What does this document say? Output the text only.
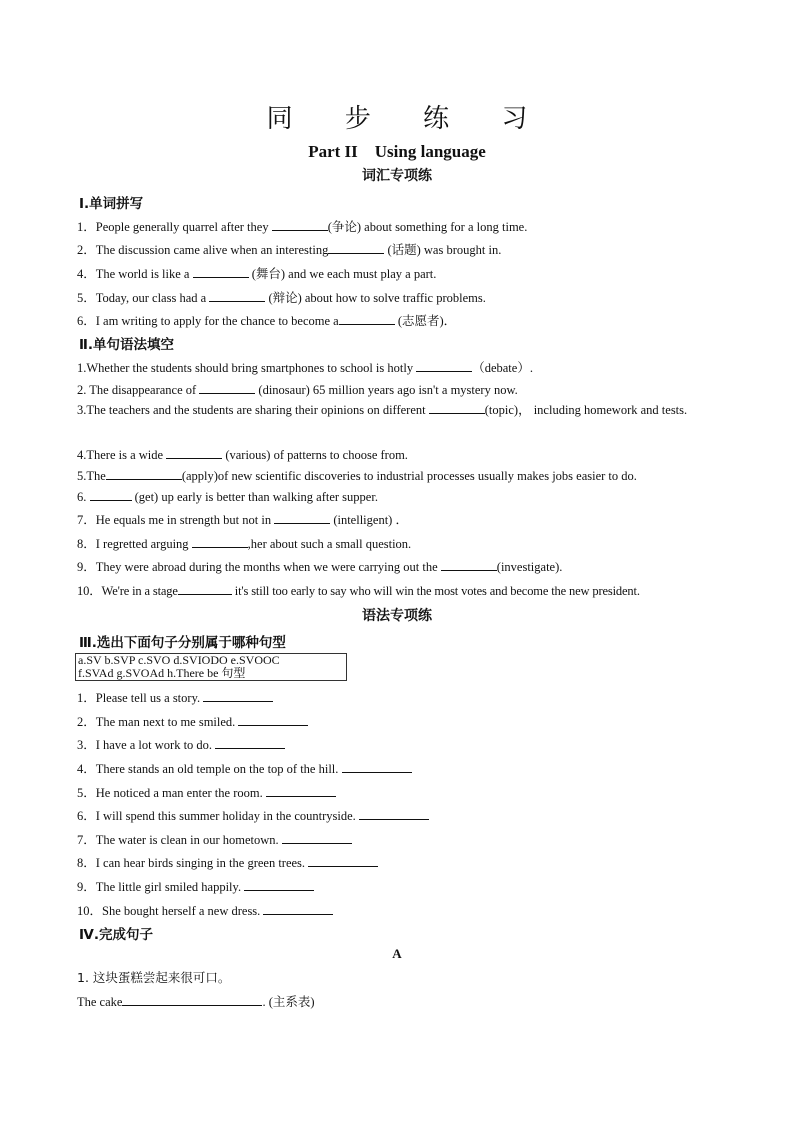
同 步 练 习
Part II　Using language
词汇专项练
Ⅰ.单词拼写
1．People generally quarrel after they	(争论) about something for a long time.
2．The discussion came alive when an interesting	(话题) was brought in.
4．The world is like a	(舞台) and we each must play a part.
5．Today, our class had a	(辩论) about how to solve traffic problems.
6．I am writing to apply for the chance to become a	(志愿者)．
Ⅱ.单句语法填空
1.Whether the students should bring smartphones to school is hotly	（debate）.
2. The disappearance of	(dinosaur) 65 million years ago isn't a mystery now.
3.The teachers and the students are sharing their opinions on different	(topic)， including homework and tests.
4.There is a wide	(various) of patterns to choose from.
5.The	(apply)of new scientific discoveries to industrial processes usually makes jobs easier to do.
6.	(get) up early is better than walking after supper.
7．He equals me in strength but not in	(intelligent) ．
8．I regretted arguing	,her about such a small question.
9．They were abroad during the months when we were carrying out the	(investigate).
10．We're in a stage	it's still too early to say who will win the most votes and become the new president.
语法专项练
Ⅲ.选出下面句子分别属于哪种句型
a.SV b.SVP c.SVO d.SVIODO e.SVOOC
f.SVAd g.SVOAd h.There be 句型
1．Please tell us a story.
2．The man next to me smiled.
3．I have a lot work to do.
4．There stands an old temple on the top of the hill.
5．He noticed a man enter the room.
6．I will spend this summer holiday in the countryside.
7．The water is clean in our hometown.
8．I can hear birds singing in the green trees.
9．The little girl smiled happily.
10．She bought herself a new dress.
Ⅳ.完成句子
A
1. 这块蛋糕尝起来很可口。
The cake	. (主系表)
